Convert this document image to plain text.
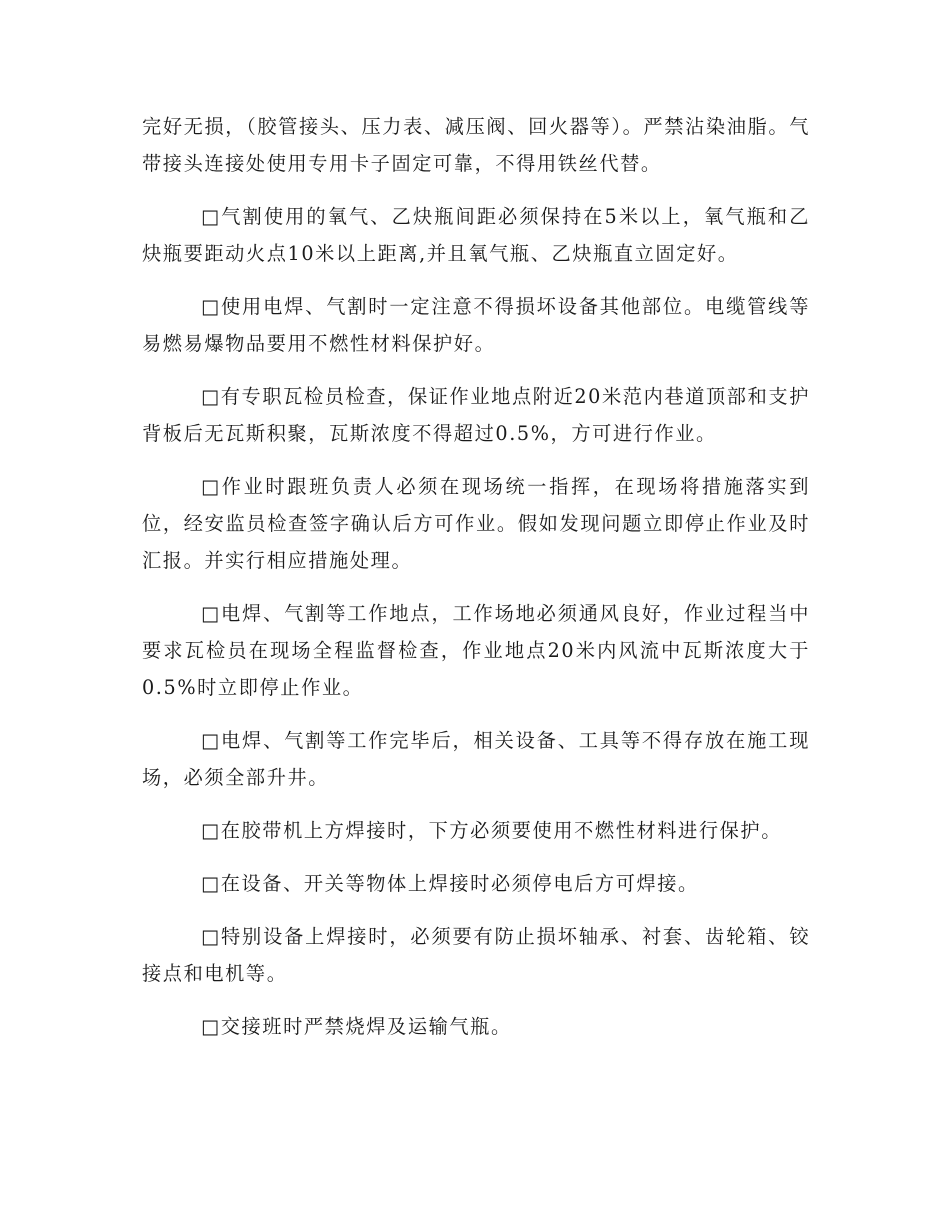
完好无损，（胶管接头、压力表、减压阀、回火器等）。严禁沾染油脂。气带接头连接处使用专用卡子固定可靠，不得用铁丝代替。

□气割使用的氧气、乙炔瓶间距必须保持在5米以上，氧气瓶和乙炔瓶要距动火点10米以上距离,并且氧气瓶、乙炔瓶直立固定好。

□使用电焊、气割时一定注意不得损坏设备其他部位。电缆管线等易燃易爆物品要用不燃性材料保护好。

□有专职瓦检员检查，保证作业地点附近20米范内巷道顶部和支护背板后无瓦斯积聚，瓦斯浓度不得超过0.5%，方可进行作业。

□作业时跟班负责人必须在现场统一指挥，在现场将措施落实到位，经安监员检查签字确认后方可作业。假如发现问题立即停止作业及时汇报。并实行相应措施处理。

□电焊、气割等工作地点，工作场地必须通风良好，作业过程当中要求瓦检员在现场全程监督检查，作业地点20米内风流中瓦斯浓度大于0.5%时立即停止作业。

□电焊、气割等工作完毕后，相关设备、工具等不得存放在施工现场，必须全部升井。

□在胶带机上方焊接时，下方必须要使用不燃性材料进行保护。

□在设备、开关等物体上焊接时必须停电后方可焊接。

□特别设备上焊接时，必须要有防止损坏轴承、衬套、齿轮箱、铰接点和电机等。

□交接班时严禁烧焊及运输气瓶。
